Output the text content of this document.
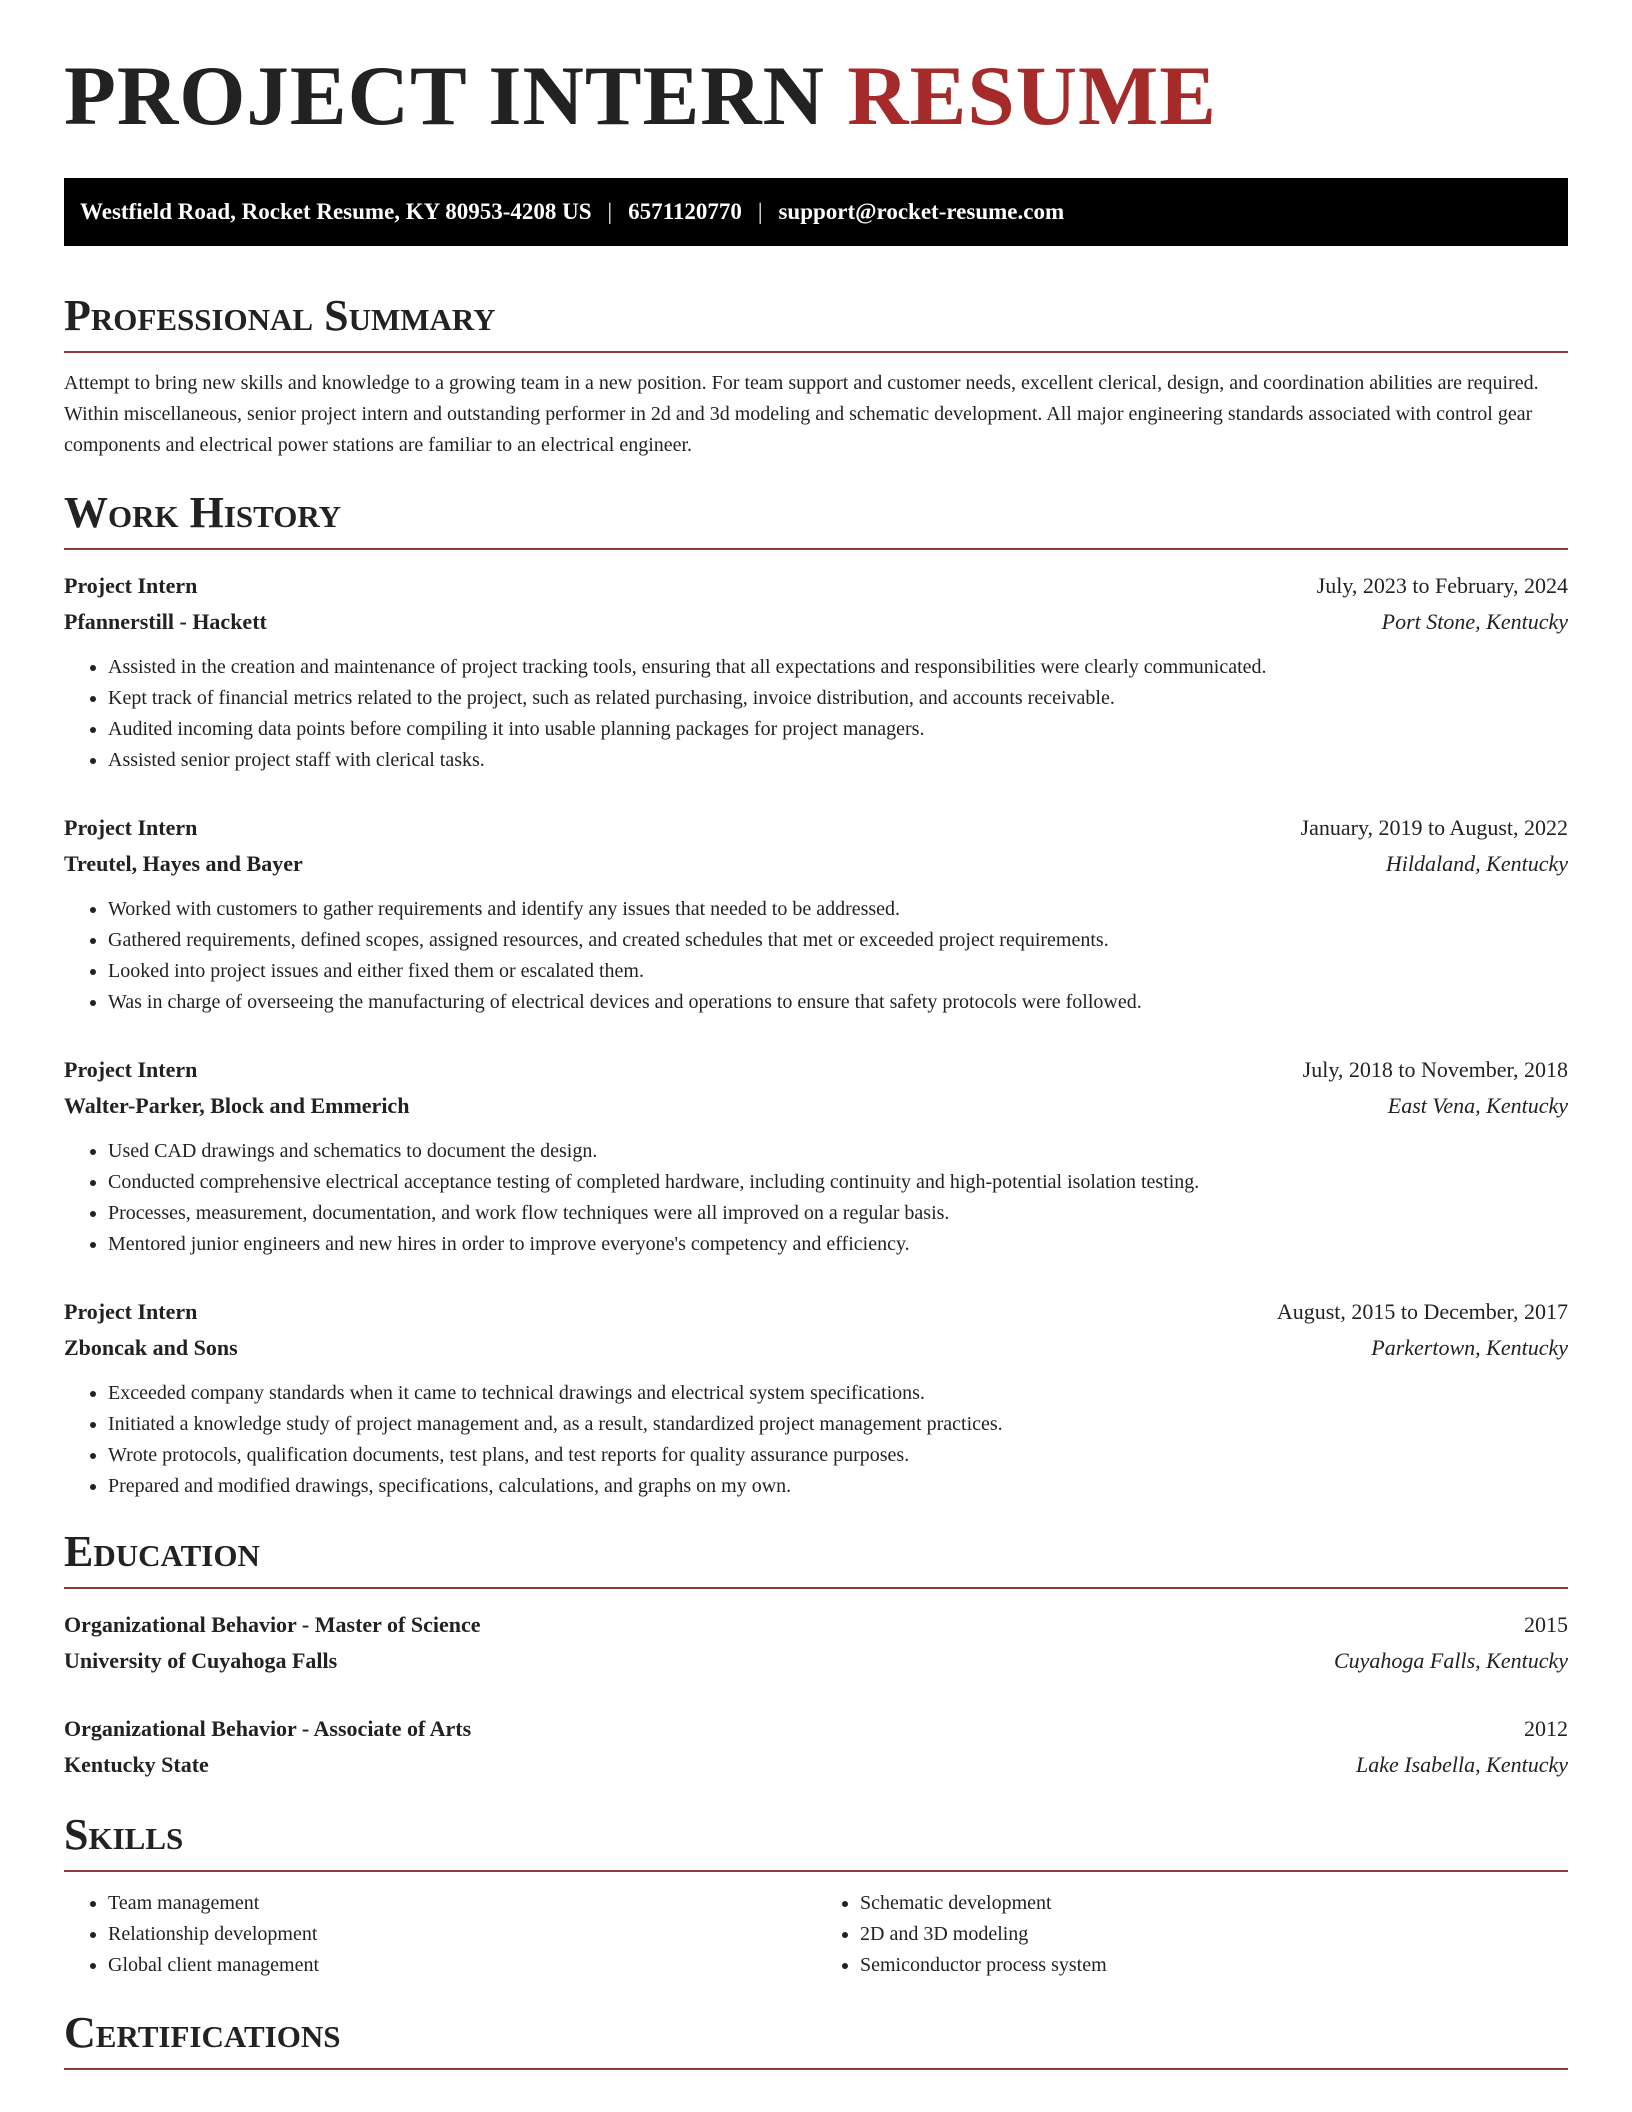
PROJECT INTERN RESUME
Westfield Road, Rocket Resume, KY 80953-4208 US | 6571120770 | support@rocket-resume.com
Professional Summary

Attempt to bring new skills and knowledge to a growing team in a new position. For team support and customer needs, excellent clerical, design, and coordination abilities are required. Within miscellaneous, senior project intern and outstanding performer in 2d and 3d modeling and schematic development. All major engineering standards associated with control gear components and electrical power stations are familiar to an electrical engineer.

Work History
Project Intern	July, 2023 to February, 2024
Pfannerstill - Hackett	Port Stone, Kentucky
• Assisted in the creation and maintenance of project tracking tools, ensuring that all expectations and responsibilities were clearly communicated.
• Kept track of financial metrics related to the project, such as related purchasing, invoice distribution, and accounts receivable.
• Audited incoming data points before compiling it into usable planning packages for project managers.
• Assisted senior project staff with clerical tasks.
Project Intern	January, 2019 to August, 2022
Treutel, Hayes and Bayer	Hildaland, Kentucky
• Worked with customers to gather requirements and identify any issues that needed to be addressed.
• Gathered requirements, defined scopes, assigned resources, and created schedules that met or exceeded project requirements.
• Looked into project issues and either fixed them or escalated them.
• Was in charge of overseeing the manufacturing of electrical devices and operations to ensure that safety protocols were followed.
Project Intern	July, 2018 to November, 2018
Walter-Parker, Block and Emmerich	East Vena, Kentucky
• Used CAD drawings and schematics to document the design.
• Conducted comprehensive electrical acceptance testing of completed hardware, including continuity and high-potential isolation testing.
• Processes, measurement, documentation, and work flow techniques were all improved on a regular basis.
• Mentored junior engineers and new hires in order to improve everyone's competency and efficiency.
Project Intern	August, 2015 to December, 2017
Zboncak and Sons	Parkertown, Kentucky
• Exceeded company standards when it came to technical drawings and electrical system specifications.
• Initiated a knowledge study of project management and, as a result, standardized project management practices.
• Wrote protocols, qualification documents, test plans, and test reports for quality assurance purposes.
• Prepared and modified drawings, specifications, calculations, and graphs on my own.
Education
Organizational Behavior - Master of Science	2015
University of Cuyahoga Falls	Cuyahoga Falls, Kentucky
Organizational Behavior - Associate of Arts	2012
Kentucky State	Lake Isabella, Kentucky
Skills
• Team management
• Relationship development
• Global client management
• Schematic development
• 2D and 3D modeling
• Semiconductor process system
Certifications
